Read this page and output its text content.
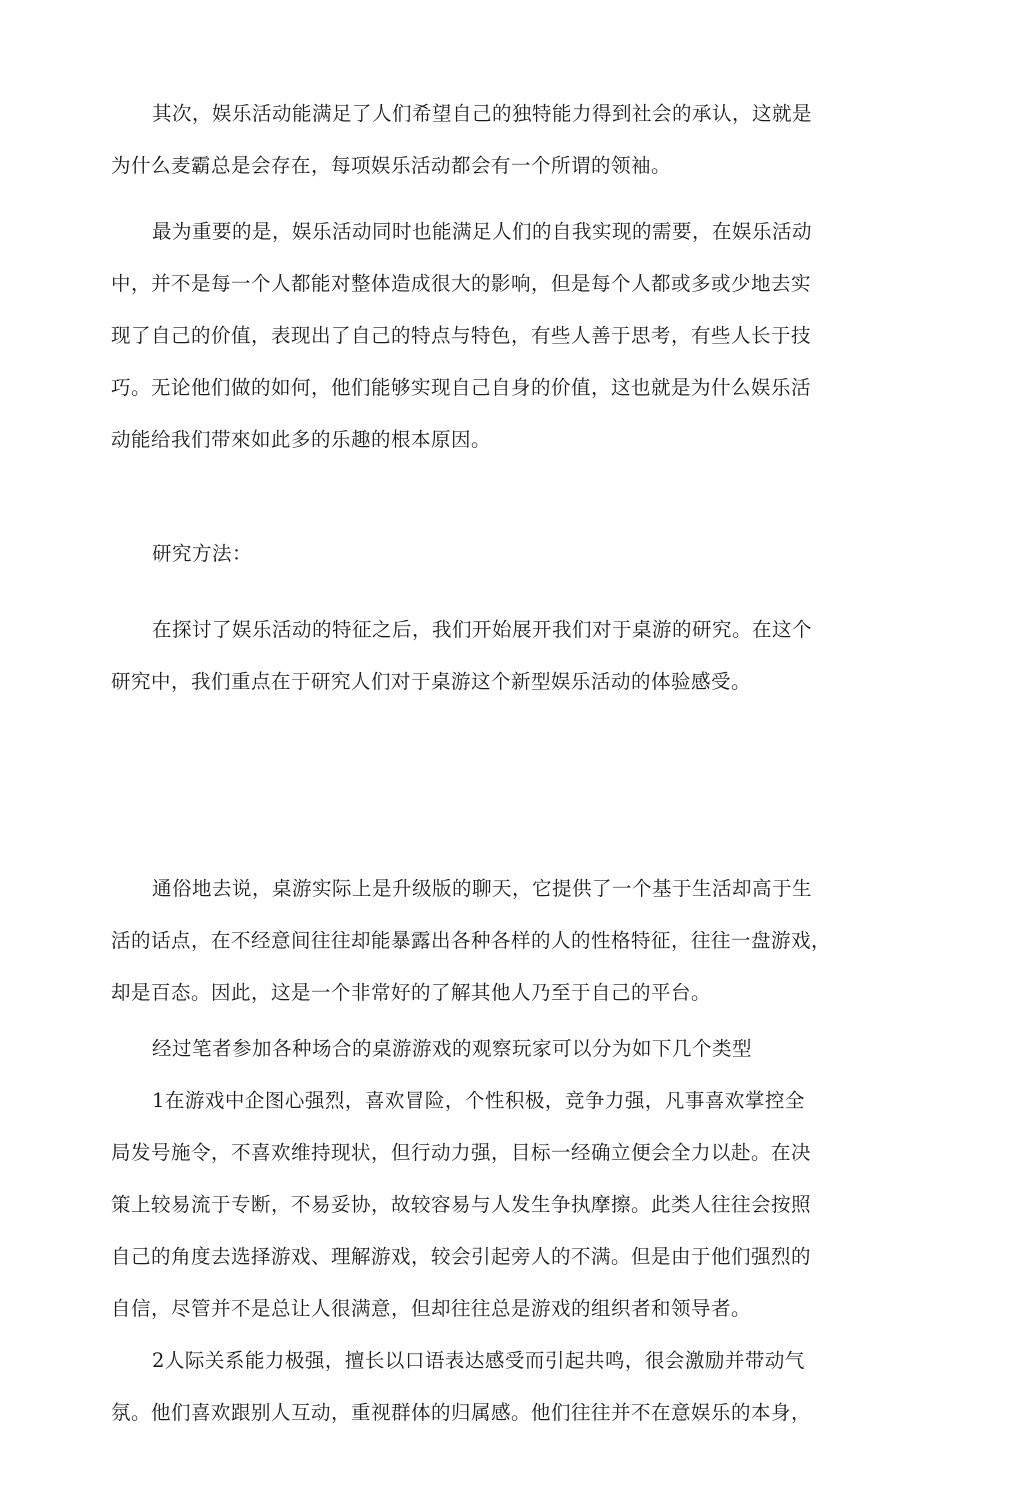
其次，娱乐活动能满足了人们希望自己的独特能力得到社会的承认，这就是
为什么麦霸总是会存在，每项娱乐活动都会有一个所谓的领袖。

最为重要的是，娱乐活动同时也能满足人们的自我实现的需要，在娱乐活动
中，并不是每一个人都能对整体造成很大的影响，但是每个人都或多或少地去实
现了自己的价值，表现出了自己的特点与特色，有些人善于思考，有些人长于技
巧。无论他们做的如何，他们能够实现自己自身的价值，这也就是为什么娱乐活
动能给我们带來如此多的乐趣的根本原因。

研究方法：

在探讨了娱乐活动的特征之后，我们开始展开我们对于桌游的研究。在这个
研究中，我们重点在于研究人们对于桌游这个新型娱乐活动的体验感受。

通俗地去说，桌游实际上是升级版的聊天，它提供了一个基于生活却高于生
活的话点，在不经意间往往却能暴露出各种各样的人的性格特征，往往一盘游戏，
却是百态。因此，这是一个非常好的了解其他人乃至于自己的平台。

经过笔者参加各种场合的桌游游戏的观察玩家可以分为如下几个类型

1在游戏中企图心强烈，喜欢冒险，个性积极，竞争力强，凡事喜欢掌控全
局发号施令，不喜欢维持现状，但行动力强，目标一经确立便会全力以赴。在决
策上较易流于专断，不易妥协，故较容易与人发生争执摩擦。此类人往往会按照
自己的角度去选择游戏、理解游戏，较会引起旁人的不满。但是由于他们强烈的
自信，尽管并不是总让人很满意，但却往往总是游戏的组织者和领导者。

2人际关系能力极强，擅长以口语表达感受而引起共鸣，很会激励并带动气
氛。他们喜欢跟别人互动，重视群体的归属感。他们往往并不在意娱乐的本身，
